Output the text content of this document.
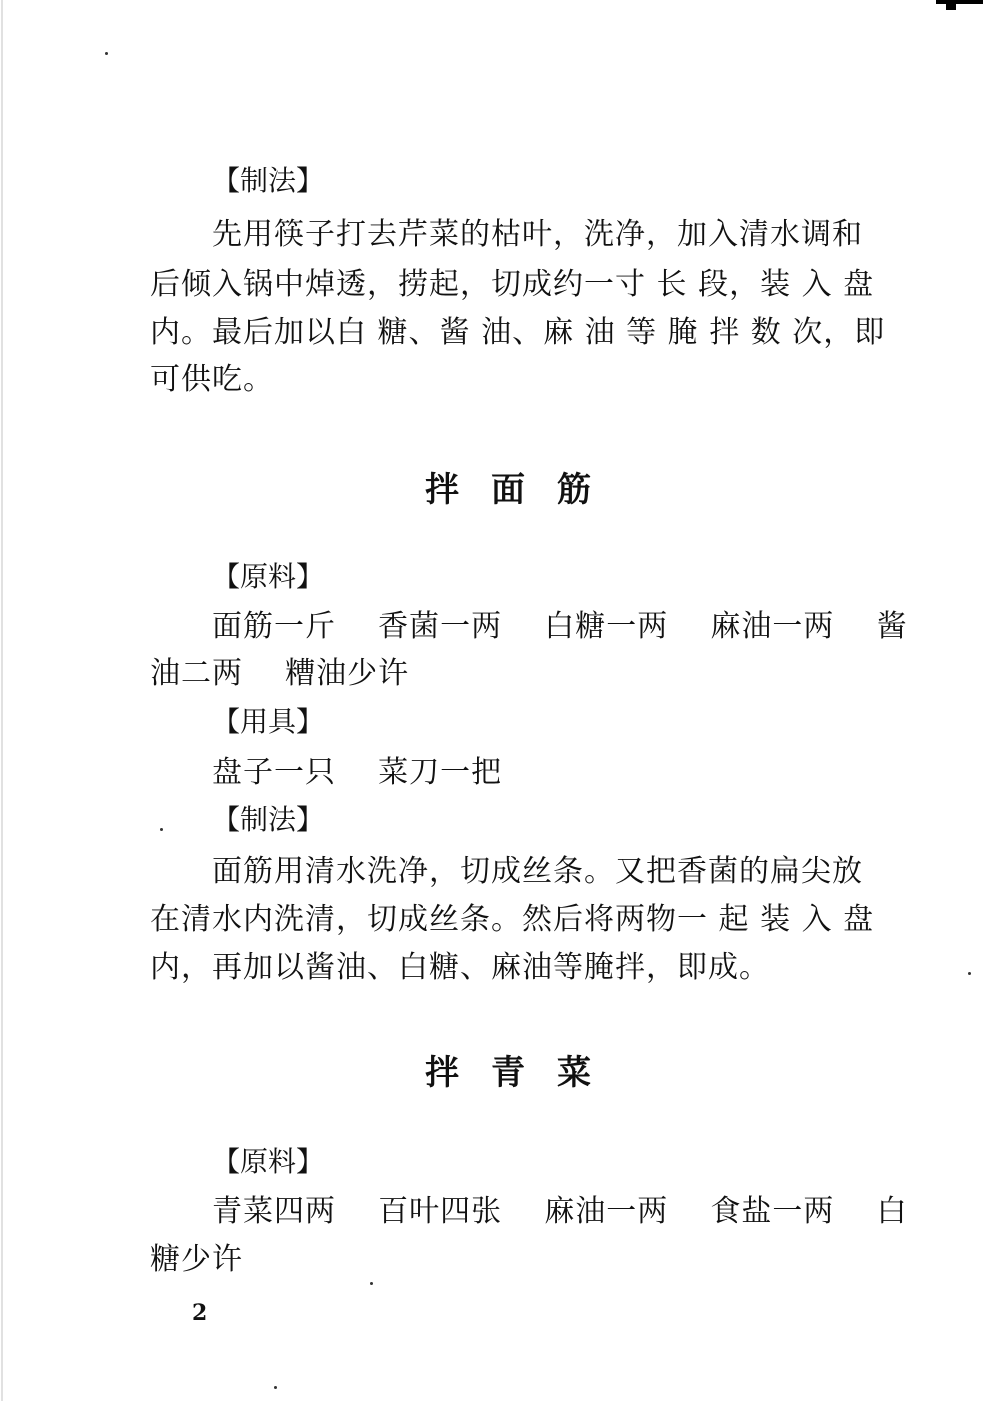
【制法】
先用筷子打去芹菜的枯叶，洗净，加入清水调和
后倾入锅中焯透，捞起，切成约一寸 长 段，装 入 盘
内。最后加以白 糖、酱 油、麻 油 等 腌 拌 数 次，即
可供吃。
拌面筋
【原料】
面筋一斤    香菌一两    白糖一两    麻油一两    酱
油二两    糟油少许
【用具】
盘子一只    菜刀一把
【制法】
面筋用清水洗净，切成丝条。又把香菌的扁尖放
在清水内洗清，切成丝条。然后将两物一 起 装 入 盘
内，再加以酱油、白糖、麻油等腌拌，即成。
拌青菜
【原料】
青菜四两    百叶四张    麻油一两    食盐一两    白
糖少许
2
